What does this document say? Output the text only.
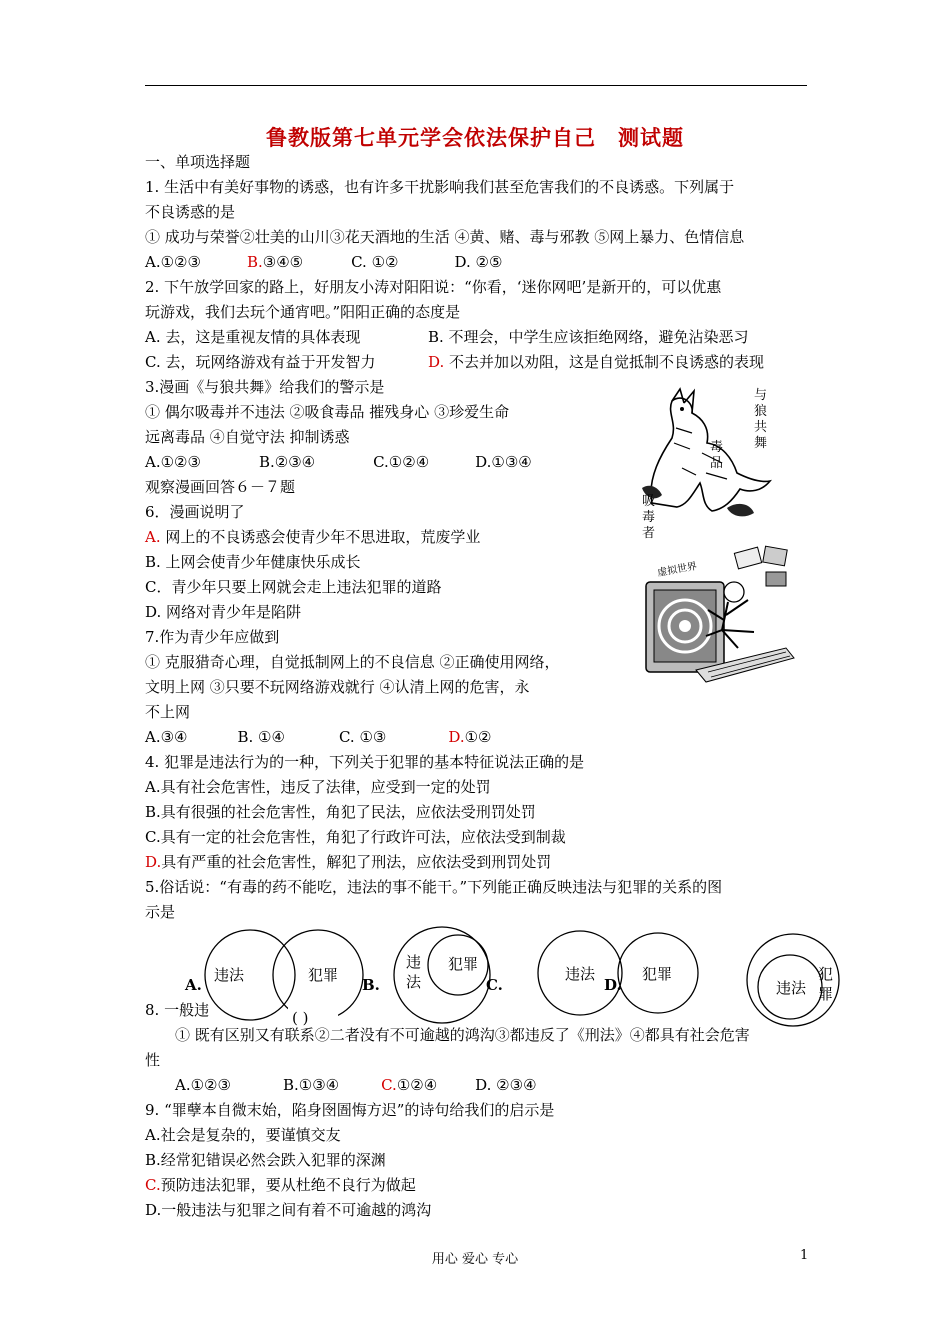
鲁教版第七单元学会依法保护自己　测试题
一、单项选择题
1. 生活中有美好事物的诱惑，也有许多干扰影响我们甚至危害我们的不良诱惑。下列属于
不良诱惑的是
① 成功与荣誉②壮美的山川③花天酒地的生活 ④黄、赌、毒与邪教 ⑤网上暴力、色情信息
A.①②③	B.③④⑤	C. ①②	D. ②⑤
2. 下午放学回家的路上，好朋友小涛对阳阳说：“你看，‘迷你网吧’是新开的，可以优惠
玩游戏，我们去玩个通宵吧。”阳阳正确的态度是
A. 去，这是重视友情的具体表现	B. 不理会，中学生应该拒绝网络，避免沾染恶习
C. 去，玩网络游戏有益于开发智力	D. 不去并加以劝阻，这是自觉抵制不良诱惑的表现
3.漫画《与狼共舞》给我们的警示是
① 偶尔吸毒并不违法 ②吸食毒品 摧残身心 ③珍爱生命
远离毒品 ④自觉守法 抑制诱惑
A.①②③	B.②③④	C.①②④	D.①③④
吸毒者
毒品
与狼共舞
观察漫画回答６－７题
6．漫画说明了
A. 网上的不良诱惑会使青少年不思进取，荒废学业
B. 上网会使青少年健康快乐成长
C．青少年只要上网就会走上违法犯罪的道路
D. 网络对青少年是陷阱
虚拟世界
7.作为青少年应做到
① 克服猎奇心理，自觉抵制网上的不良信息 ②正确使用网络，
文明上网 ③只要不玩网络游戏就行 ④认清上网的危害，永
不上网
A.③④	B. ①④	C. ①③	D.①②
4. 犯罪是违法行为的一种，下列关于犯罪的基本特征说法正确的是
A.具有社会危害性，违反了法律，应受到一定的处罚
B.具有很强的社会危害性，角犯了民法，应依法受刑罚处罚
C.具有一定的社会危害性，角犯了行政许可法，应依法受到制裁
D.具有严重的社会危害性，解犯了刑法，应依法受到刑罚处罚
5.俗话说：“有毒的药不能吃，违法的事不能干。”下列能正确反映违法与犯罪的关系的图
示是
A.
违法	犯罪
( )
B.
违
法
犯罪
C.
违法
D.
犯罪
违法
犯
罪
8. 一般违
① 既有区别又有联系②二者没有不可逾越的鸿沟③都违反了《刑法》④都具有社会危害
性
A.①②③	B.①③④	C.①②④	D. ②③④
9. “罪孽本自微末始，陷身囹圄悔方迟”的诗句给我们的启示是
A.社会是复杂的，要谨慎交友
B.经常犯错误必然会跌入犯罪的深渊
C.预防违法犯罪，要从杜绝不良行为做起
D.一般违法与犯罪之间有着不可逾越的鸿沟
用心 爱心 专心	1
